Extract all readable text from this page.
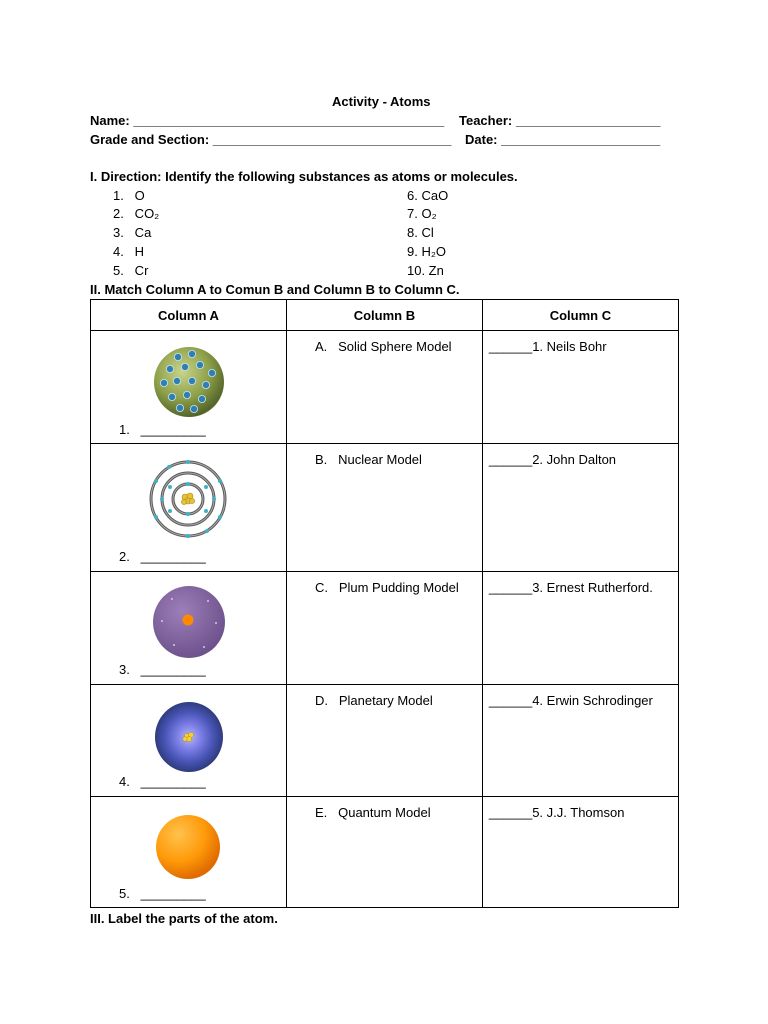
Activity - Atoms
Name: ___________________________________________ Teacher: ____________________
Grade and Section: _________________________________ Date: ______________________
I. Direction: Identify the following substances as atoms or molecules.
1.   O
2.   CO₂
3.   Ca
4.   H
5.   Cr
6. CaO
7. O₂
8. Cl
9. H₂O
10. Zn
II. Match Column A to Comun B and Column B to Column C.
Column A	Column B	Column C

1.   _________	A.   Solid Sphere Model	______1. Neils Bohr

2.   _________	B.   Nuclear Model	______2. John Dalton

3.   _________	C.   Plum Pudding Model	______3. Ernest Rutherford.

4.   _________	D.   Planetary Model	______4. Erwin Schrodinger

5.   _________	E.   Quantum Model	______5. J.J. Thomson
III. Label the parts of the atom.
